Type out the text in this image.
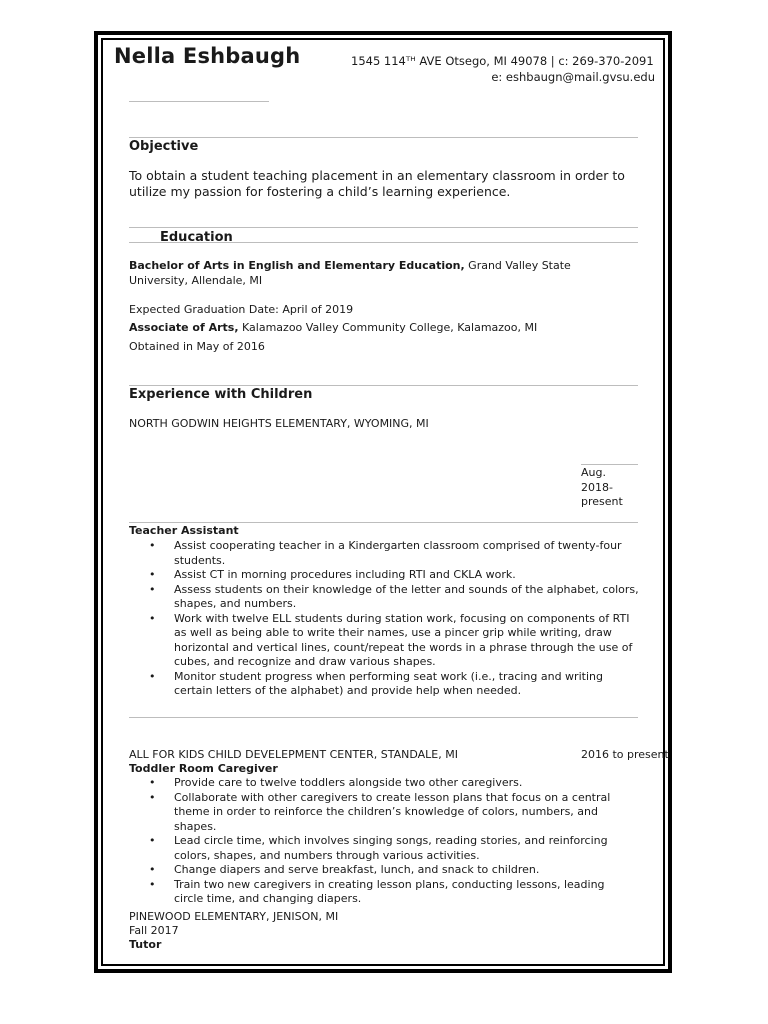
Nella Eshbaugh	1545 114ᵀᴴ AVE Otsego, MI 49078 | c: 269-370-2091
e: eshbaugn@mail.gvsu.edu
Objective
To obtain a student teaching placement in an elementary classroom in order to utilize my passion for fostering a child’s learning experience.
Education
Bachelor of Arts in English and Elementary Education, Grand Valley State
University, Allendale, MI
Expected Graduation Date: April of 2019
Associate of Arts, Kalamazoo Valley Community College, Kalamazoo, MI
Obtained in May of 2016
Experience with Children
NORTH GODWIN HEIGHTS ELEMENTARY, WYOMING, MI
Aug.
2018-
present
Teacher Assistant
• Assist cooperating teacher in a Kindergarten classroom comprised of twenty-four students.
• Assist CT in morning procedures including RTI and CKLA work.
• Assess students on their knowledge of the letter and sounds of the alphabet, colors, shapes, and numbers.
• Work with twelve ELL students during station work, focusing on components of RTI as well as being able to write their names, use a pincer grip while writing, draw horizontal and vertical lines, count/repeat the words in a phrase through the use of cubes, and recognize and draw various shapes.
• Monitor student progress when performing seat work (i.e., tracing and writing certain letters of the alphabet) and provide help when needed.
ALL FOR KIDS CHILD DEVELEPMENT CENTER, STANDALE, MI	2016 to present
Toddler Room Caregiver
• Provide care to twelve toddlers alongside two other caregivers.
• Collaborate with other caregivers to create lesson plans that focus on a central theme in order to reinforce the children’s knowledge of colors, numbers, and shapes.
• Lead circle time, which involves singing songs, reading stories, and reinforcing colors, shapes, and numbers through various activities.
• Change diapers and serve breakfast, lunch, and snack to children.
• Train two new caregivers in creating lesson plans, conducting lessons, leading circle time, and changing diapers.
PINEWOOD ELEMENTARY, JENISON, MI
Fall 2017
Tutor
